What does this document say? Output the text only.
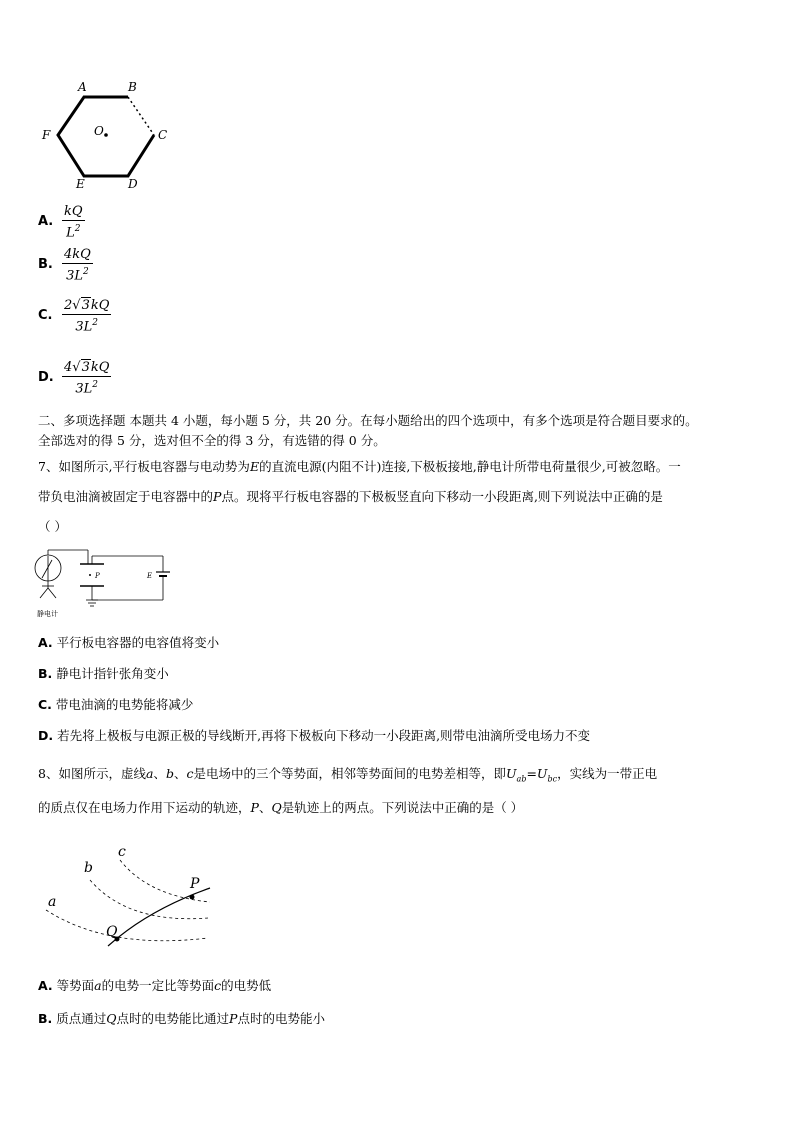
A	B
C
D
E
F	O
A. $\frac{kQ}{L^2}$
B. $\frac{4kQ}{3L^2}$
C. $\frac{2√3kQ}{3L^2}$
D. $\frac{4√3kQ}{3L^2}$
二、多项选择题 本题共 4 小题，每小题 5 分，共 20 分。在每小题给出的四个选项中，有多个选项是符合题目要求的。
全部选对的得 5 分，选对但不全的得 3 分，有选错的得 0 分。
7、如图所示,平行板电容器与电动势为E的直流电源(内阻不计)连接,下极板接地,静电计所带电荷量很少,可被忽略。一
带负电油滴被固定于电容器中的P点。现将平行板电容器的下极板竖直向下移动一小段距离,则下列说法中正确的是
（ ）
P	E
静电计
A. 平行板电容器的电容值将变小
B. 静电计指针张角变小
C. 带电油滴的电势能将减少
D. 若先将上极板与电源正极的导线断开,再将下极板向下移动一小段距离,则带电油滴所受电场力不变
8、如图所示，虚线a、b、c是电场中的三个等势面，相邻等势面间的电势差相等，即$U_{ab}=U_{bc}$，实线为一带正电
的质点仅在电场力作用下运动的轨迹，P、Q是轨迹上的两点。下列说法中正确的是（ ）
a
b
c
P
Q
A. 等势面a的电势一定比等势面c的电势低
B. 质点通过Q点时的电势能比通过P点时的电势能小
